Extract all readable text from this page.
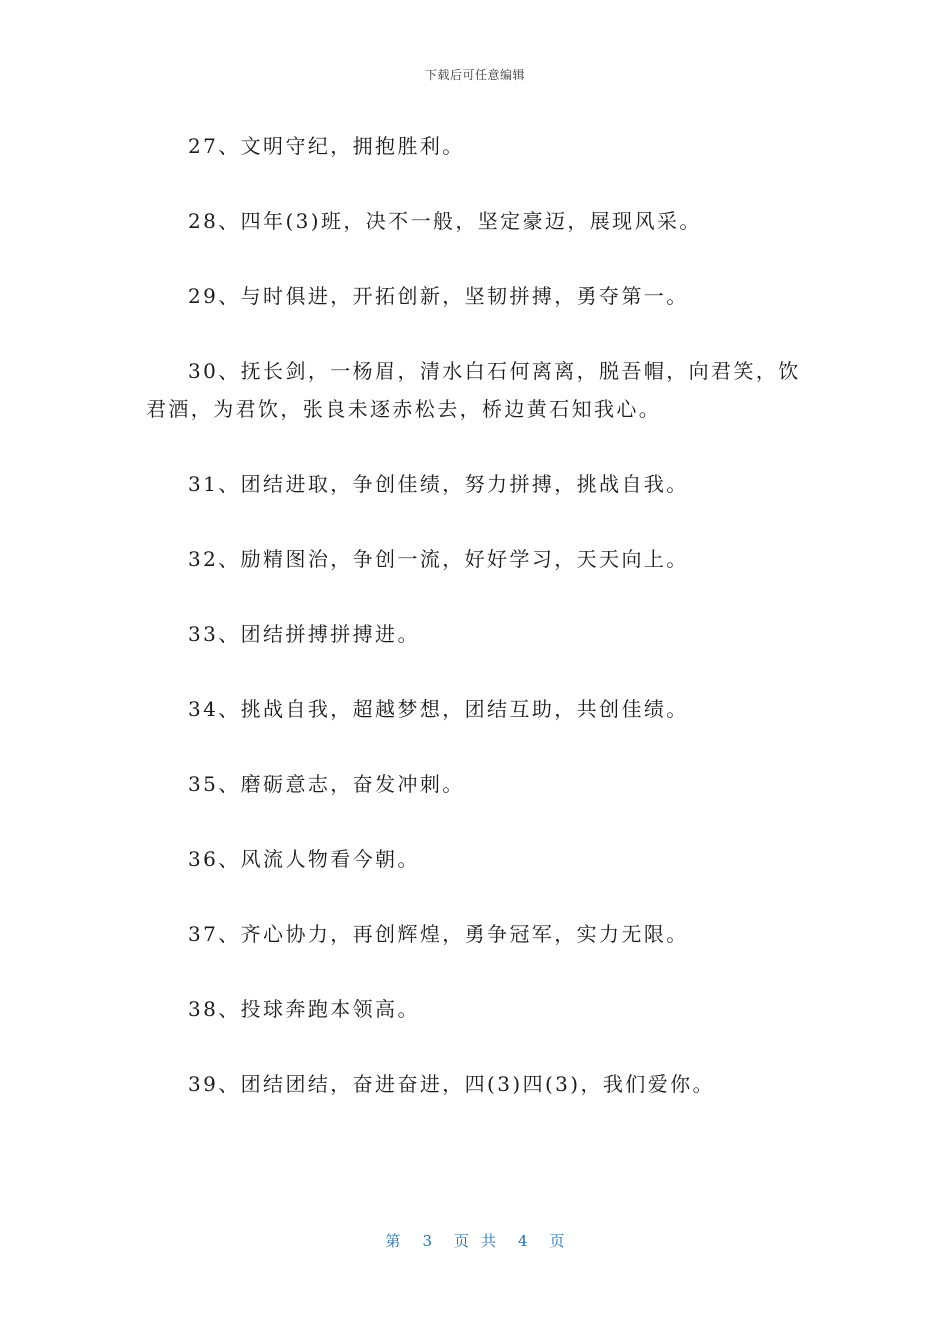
下载后可任意编辑

27、文明守纪，拥抱胜利。

28、四年(3)班，决不一般，坚定豪迈，展现风采。

29、与时俱进，开拓创新，坚韧拼搏，勇夺第一。

30、抚长剑，一杨眉，清水白石何离离，脱吾帽，向君笑，饮君酒，为君饮，张良未逐赤松去，桥边黄石知我心。

31、团结进取，争创佳绩，努力拼搏，挑战自我。

32、励精图治，争创一流，好好学习，天天向上。

33、团结拼搏拼搏进。

34、挑战自我，超越梦想，团结互助，共创佳绩。

35、磨砺意志，奋发冲刺。

36、风流人物看今朝。

37、齐心协力，再创辉煌，勇争冠军，实力无限。

38、投球奔跑本领高。

39、团结团结，奋进奋进，四(3)四(3)，我们爱你。

第 3 页共 4 页
